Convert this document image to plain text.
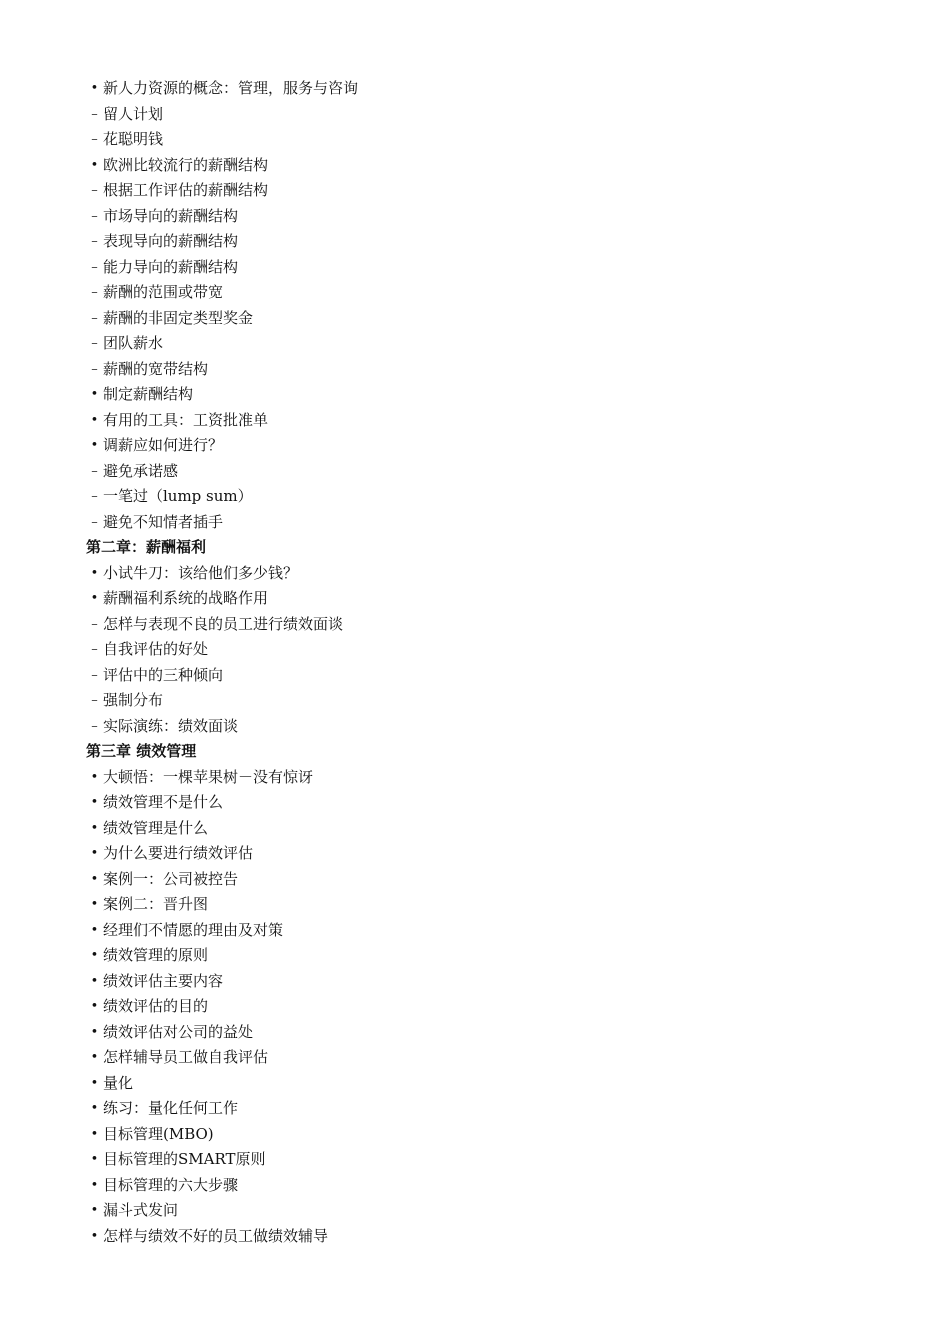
• 新人力资源的概念：管理，服务与咨询
– 留人计划
– 花聪明钱
• 欧洲比较流行的薪酬结构
– 根据工作评估的薪酬结构
– 市场导向的薪酬结构
– 表现导向的薪酬结构
– 能力导向的薪酬结构
– 薪酬的范围或带宽
– 薪酬的非固定类型奖金
– 团队薪水
– 薪酬的宽带结构
• 制定薪酬结构
• 有用的工具：工资批准单
• 调薪应如何进行？
– 避免承诺感
– 一笔过（lump sum）
– 避免不知情者插手
第二章：薪酬福利
• 小试牛刀：该给他们多少钱？
• 薪酬福利系统的战略作用
– 怎样与表现不良的员工进行绩效面谈
– 自我评估的好处
– 评估中的三种倾向
– 强制分布
– 实际演练：绩效面谈
第三章 绩效管理
• 大顿悟：一棵苹果树－没有惊讶
• 绩效管理不是什么
• 绩效管理是什么
• 为什么要进行绩效评估
• 案例一：公司被控告
• 案例二：晋升图
• 经理们不情愿的理由及对策
• 绩效管理的原则
• 绩效评估主要内容
• 绩效评估的目的
• 绩效评估对公司的益处
• 怎样辅导员工做自我评估
• 量化
• 练习：量化任何工作
• 目标管理(MBO)
• 目标管理的SMART原则
• 目标管理的六大步骤
• 漏斗式发问
• 怎样与绩效不好的员工做绩效辅导
